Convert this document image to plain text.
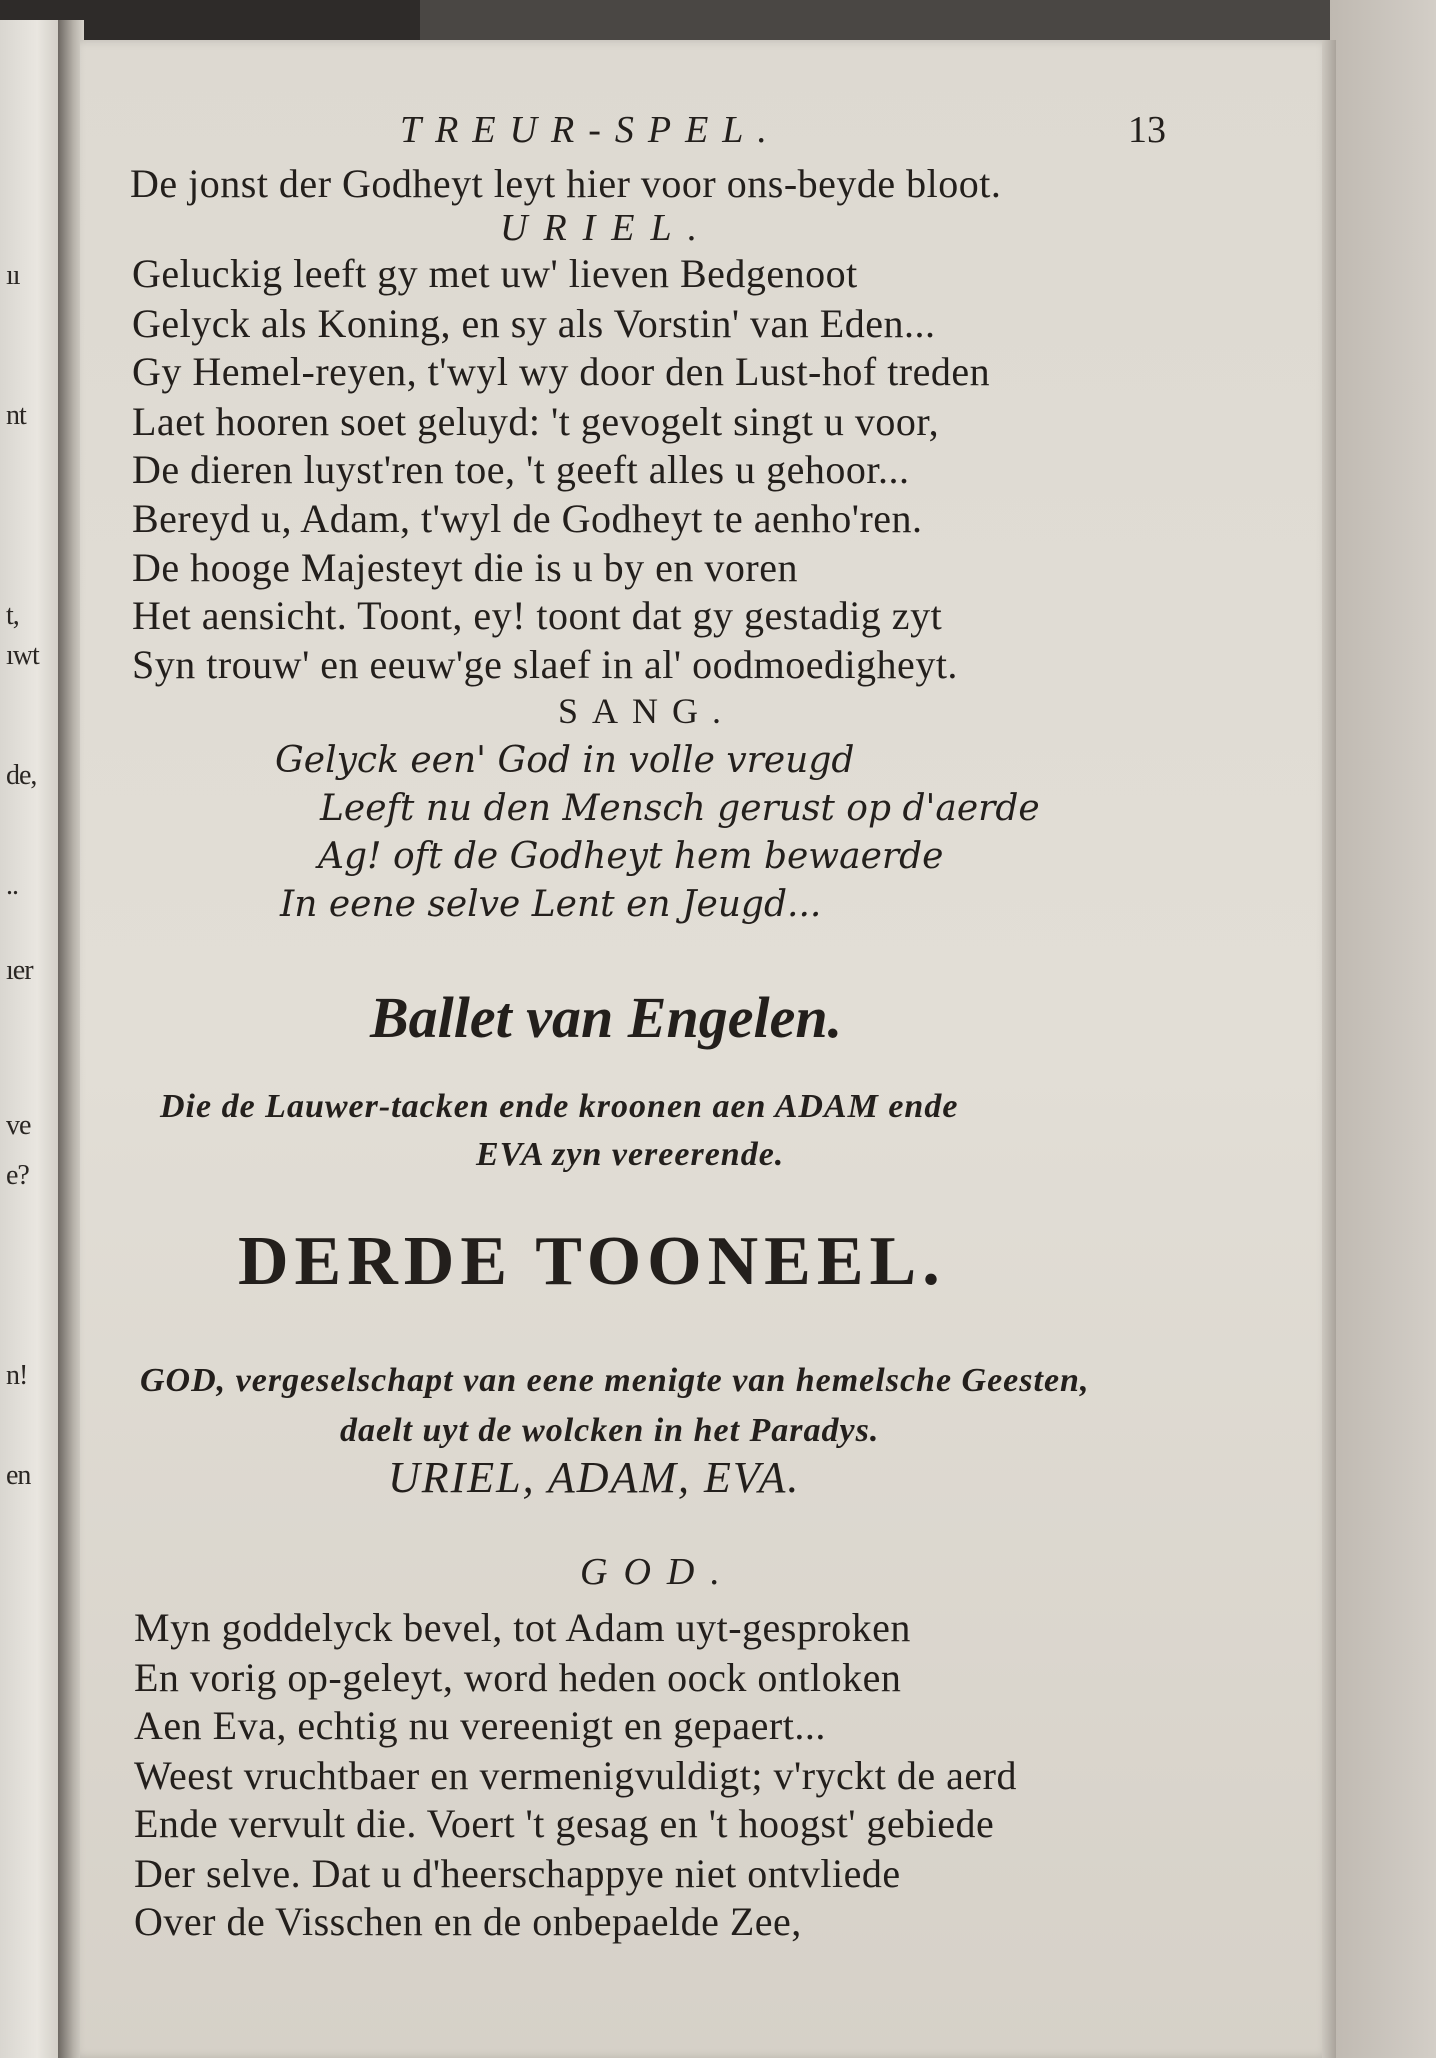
ıı
nt
t,
ıwt
de,
..
ıer
ve
e?
n!
en
TREUR-SPEL.	13
De jonst der Godheyt leyt hier voor ons-beyde bloot.
URIEL.
Geluckig leeft gy met uw' lieven Bedgenoot
Gelyck als Koning, en sy als Vorstin' van Eden...
Gy Hemel-reyen, t'wyl wy door den Lust-hof treden
Laet hooren soet geluyd: 't gevogelt singt u voor,
De dieren luyst'ren toe, 't geeft alles u gehoor...
Bereyd u, Adam, t'wyl de Godheyt te aenho'ren.
De hooge Majesteyt die is u by en voren
Het aensicht. Toont, ey! toont dat gy gestadig zyt
Syn trouw' en eeuw'ge slaef in al' oodmoedigheyt.
SANG.
Gelyck een' God in volle vreugd
Leeft nu den Mensch gerust op d'aerde
Ag! oft de Godheyt hem bewaerde
In eene selve Lent en Jeugd...
Ballet van Engelen.
Die de Lauwer-tacken ende kroonen aen ADAM ende
EVA zyn vereerende.
DERDE TOONEEL.
GOD, vergeselschapt van eene menigte van hemelsche Geesten,
daelt uyt de wolcken in het Paradys.
URIEL, ADAM, EVA.
GOD.
Myn goddelyck bevel, tot Adam uyt-gesproken
En vorig op-geleyt, word heden oock ontloken
Aen Eva, echtig nu vereenigt en gepaert...
Weest vruchtbaer en vermenigvuldigt; v'ryckt de aerd
Ende vervult die. Voert 't gesag en 't hoogst' gebiede
Der selve. Dat u d'heerschappye niet ontvliede
Over de Visschen en de onbepaelde Zee,
